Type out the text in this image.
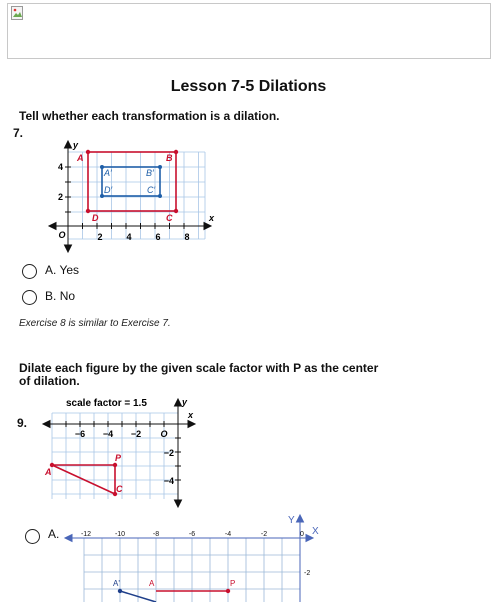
Lesson 7-5 Dilations
Tell whether each transformation is a dilation.
7.
2	4	6	8
4
2
O
x
y
A	B
C
D
A′	B′
C′
D′
A. Yes
B. No
Exercise 8 is similar to Exercise 7.
Dilate each figure by the given scale factor with P as the center
of dilation.
9.
scale factor = 1.5
−6 −4 −2 O
−2
−4
x
y
A
P
C
A.	-12	-10	-8	-6	-4	-2	0
-2
X
Y
A'	A	P
